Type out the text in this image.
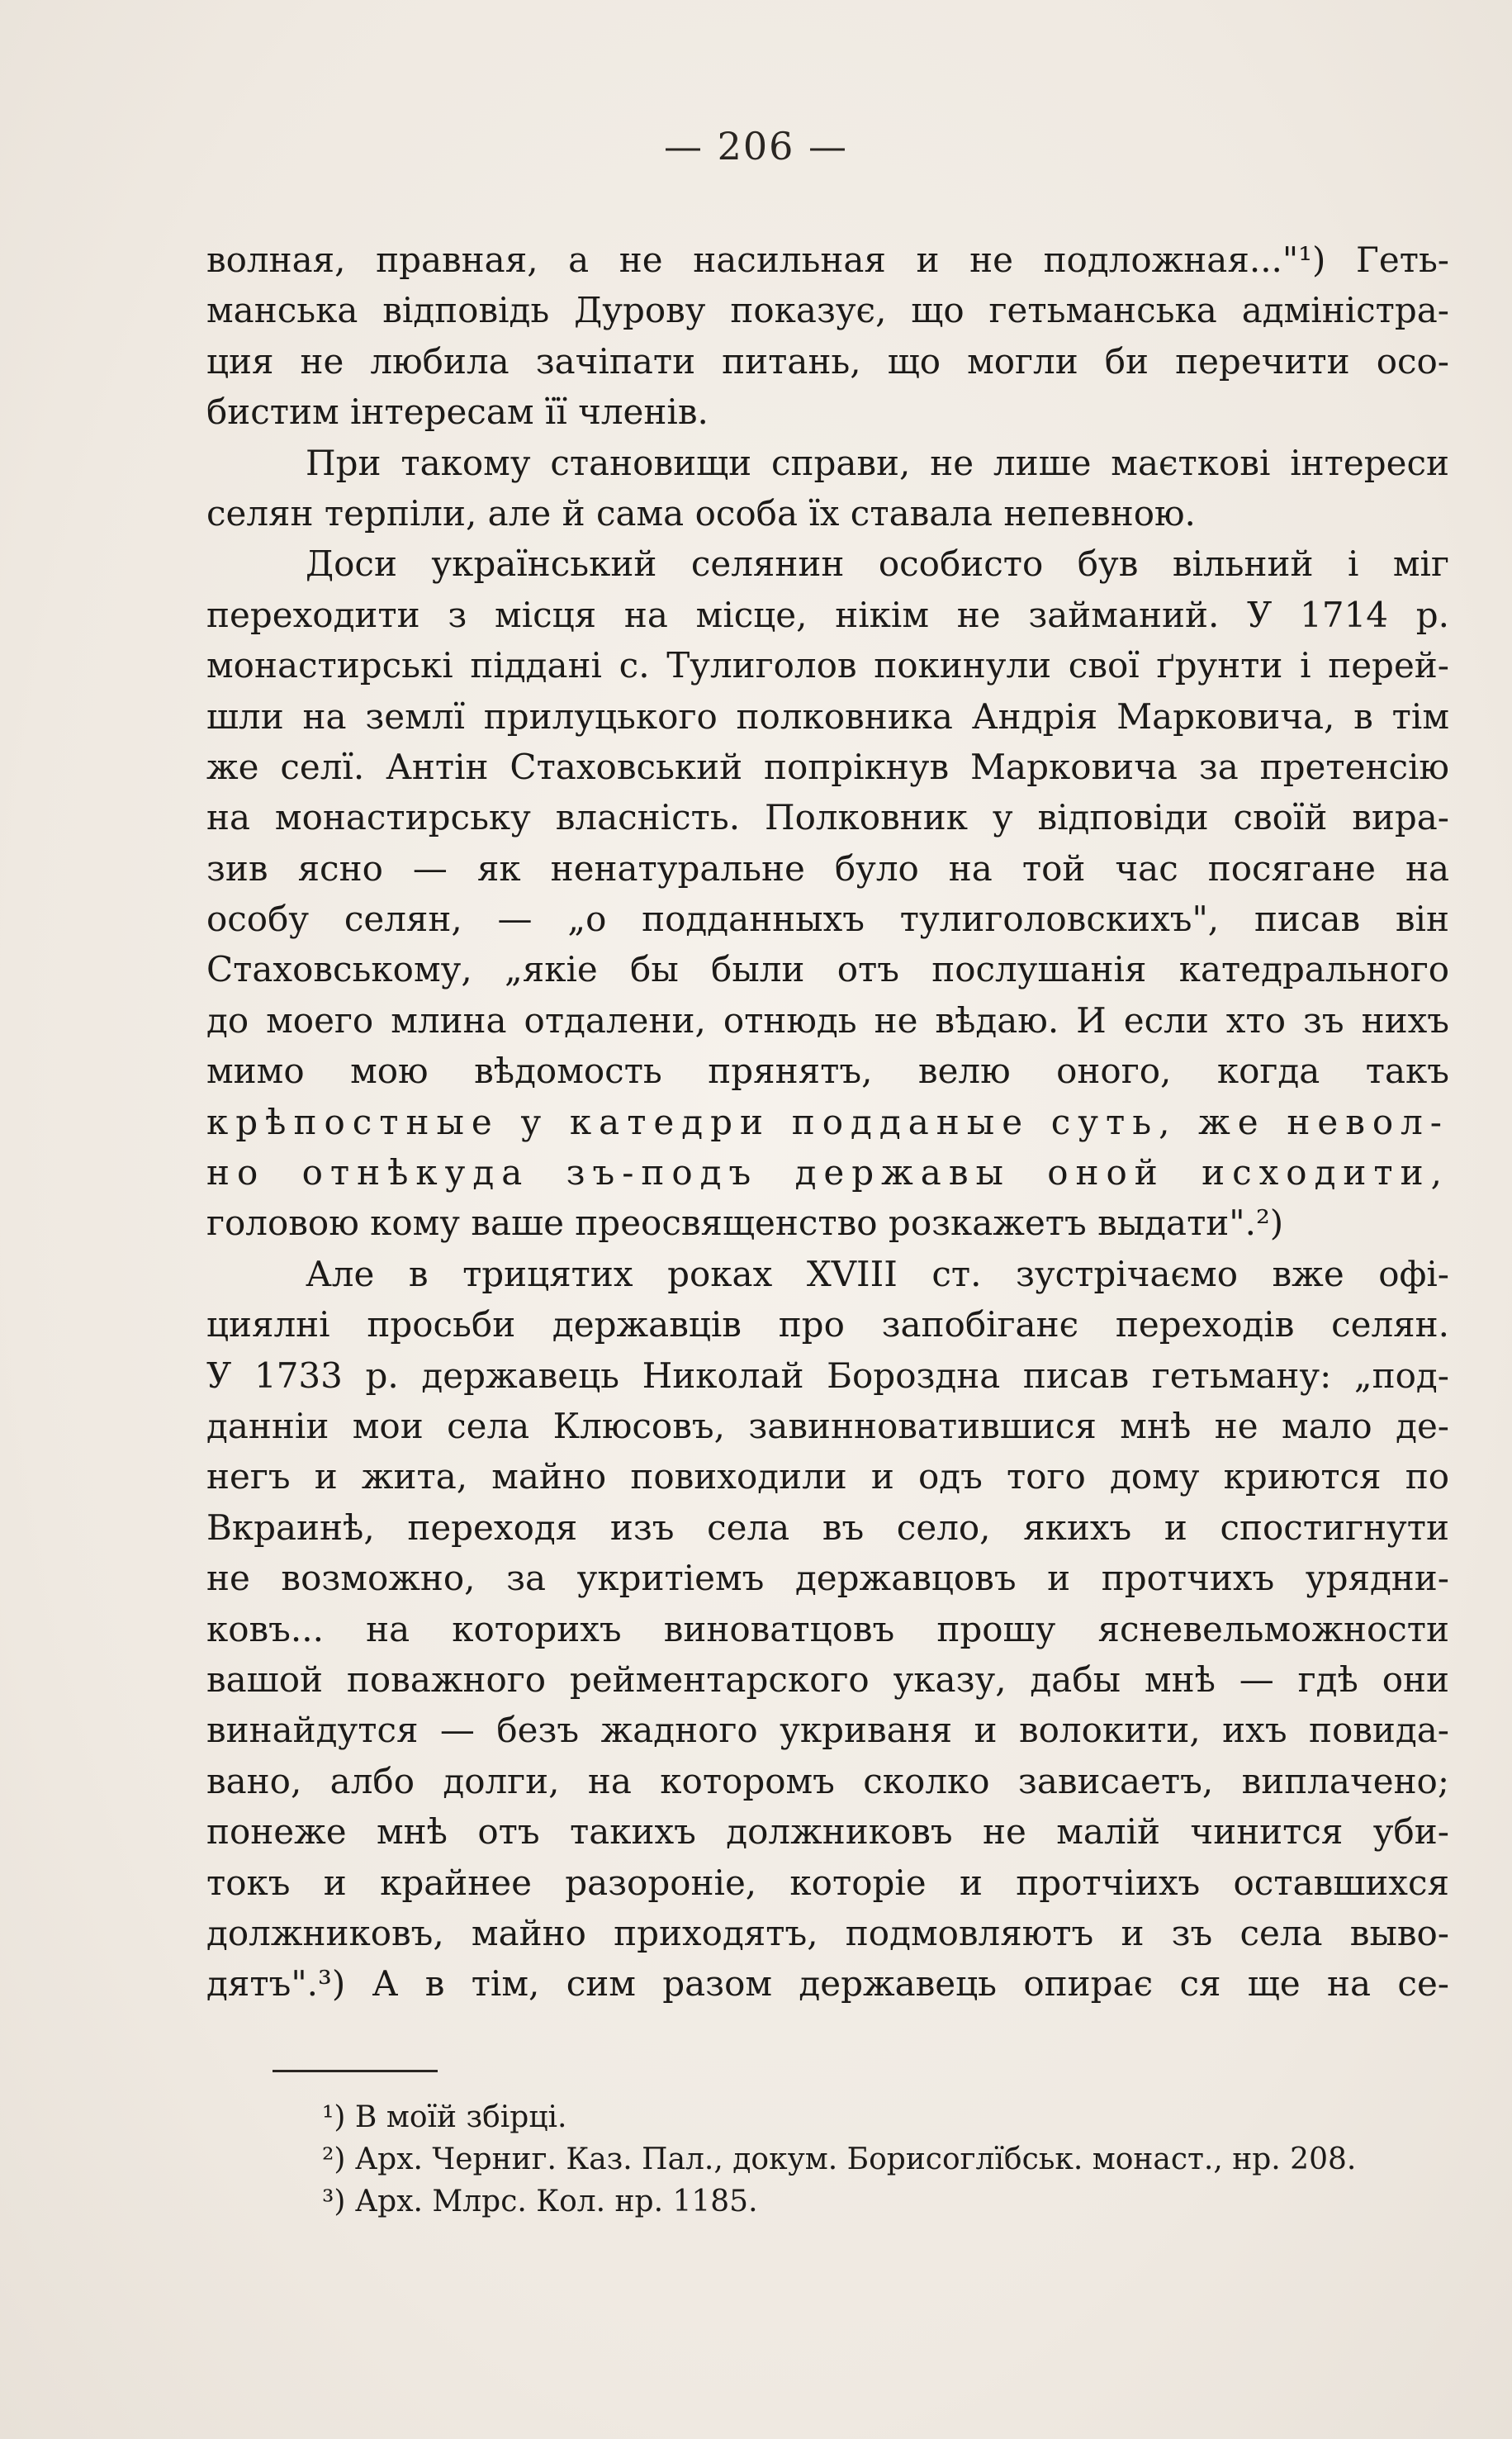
— 206 —
волная, правная, а не насильная и не подложная..."¹) Геть-
манська відповідь Дурову показує, що гетьманська адміністра-
ция не любила зачіпати питань, що могли би перечити осо-
бистим інтересам її членів.
При такому становищи справи, не лише маєткові інтереси
селян терпіли, але й сама особа їх ставала непевною.
Доси український селянин особисто був вільний і міг
переходити з місця на місце, нікім не займаний. У 1714 р.
монастирські піддані с. Тулиголов покинули свої ґрунти і перей-
шли на землї прилуцького полковника Андрія Марковича, в тім
же селї. Антін Стаховський попрікнув Марковича за претенсію
на монастирську власність. Полковник у відповіди своїй вира-
зив ясно — як ненатуральне було на той час посягане на
особу селян, — „о подданныхъ тулиголовскихъ", писав він
Стаховському, „якіе бы были отъ послушанія катедрального
до моего млина отдалени, отнюдь не вѣдаю. И если хто зъ нихъ
мимо мою вѣдомость прянятъ, велю оного, когда такъ
крѣпостные у катедри подданые суть, же невол-
но отнѣкуда зъ-подъ державы оной исходити,
головою кому ваше преосвященство розкажетъ выдати".²)
Але в трицятих роках XVIII ст. зустрічаємо вже офі-
циялні просьби державців про запобіганє переходів селян.
У 1733 р. державець Николай Бороздна писав гетьману: „под-
данніи мои села Клюсовъ, завинноватившися мнѣ не мало де-
негъ и жита, майно повиходили и одъ того дому криются по
Вкраинѣ, переходя изъ села въ село, якихъ и спостигнути
не возможно, за укритіемъ державцовъ и протчихъ урядни-
ковъ... на которихъ виноватцовъ прошу ясневельможности
вашой поважного рейментарского указу, дабы мнѣ — гдѣ они
винайдутся — безъ жадного укриваня и волокити, ихъ повида-
вано, албо долги, на которомъ сколко зависаетъ, виплачено;
понеже мнѣ отъ такихъ должниковъ не малій чинится уби-
токъ и крайнее разороніе, которіе и протчіихъ оставшихся
должниковъ, майно приходятъ, подмовляютъ и зъ села выво-
дятъ".³) А в тім, сим разом державець опирає ся ще на се-
¹) В моїй збірці.
²) Арх. Черниг. Каз. Пал., докум. Борисоглїбськ. монаст., нр. 208.
³) Арх. Млрс. Кол. нр. 1185.
